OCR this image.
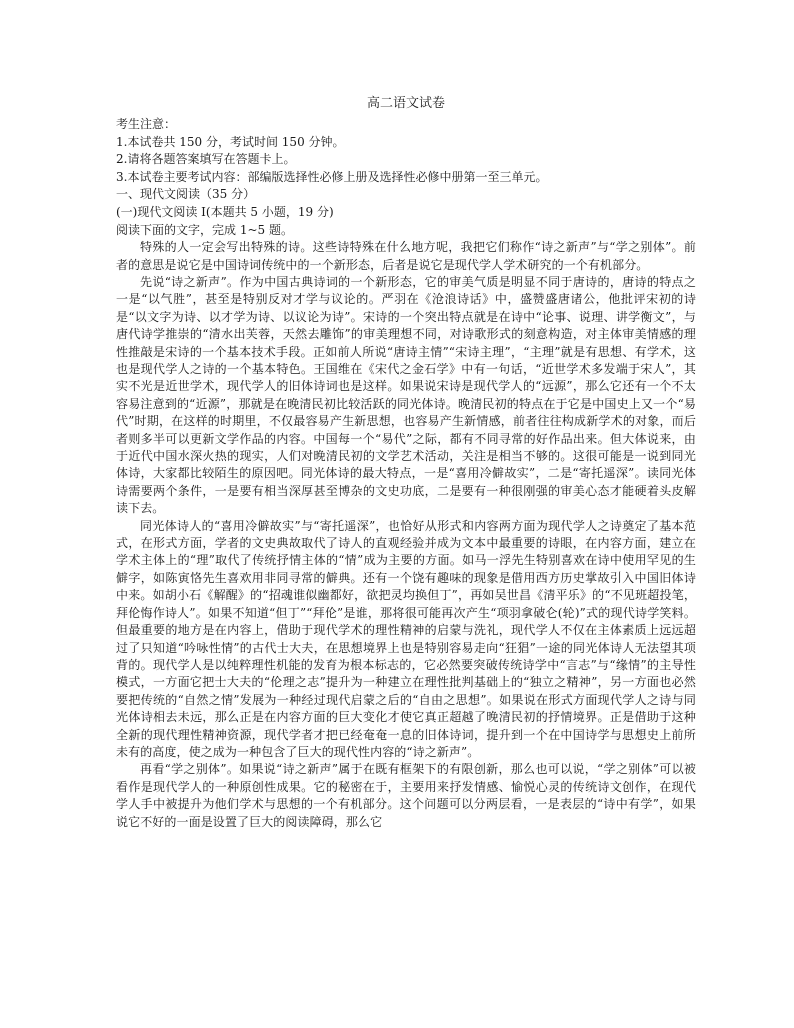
高二语文试卷
考生注意：
1.本试卷共 150 分，考试时间 150 分钟。
2.请将各题答案填写在答题卡上。
3.本试卷主要考试内容：部编版选择性必修上册及选择性必修中册第一至三单元。
一、现代文阅读（35 分）
(一)现代文阅读 I(本题共 5 小题，19 分)
阅读下面的文字，完成 1~5 题。

特殊的人一定会写出特殊的诗。这些诗特殊在什么地方呢，我把它们称作“诗之新声”与“学之别体”。前者的意思是说它是中国诗词传统中的一个新形态，后者是说它是现代学人学术研究的一个有机部分。

先说“诗之新声”。作为中国古典诗词的一个新形态，它的审美气质是明显不同于唐诗的，唐诗的特点之一是“以气胜”，甚至是特别反对才学与议论的。严羽在《沧浪诗话》中，盛赞盛唐诸公，他批评宋初的诗是“以文字为诗、以才学为诗、以议论为诗”。宋诗的一个突出特点就是在诗中“论事、说理、讲学衡文”，与唐代诗学推崇的“清水出芙蓉，天然去雕饰”的审美理想不同，对诗歌形式的刻意构造，对主体审美情感的理性推敲是宋诗的一个基本技术手段。正如前人所说“唐诗主情”“宋诗主理”，“主理”就是有思想、有学术，这也是现代学人之诗的一个基本特色。王国维在《宋代之金石学》中有一句话，“近世学术多发端于宋人”，其实不光是近世学术，现代学人的旧体诗词也是这样。如果说宋诗是现代学人的“远源”，那么它还有一个不太容易注意到的“近源”，那就是在晚清民初比较活跃的同光体诗。晚清民初的特点在于它是中国史上又一个“易代”时期，在这样的时期里，不仅最容易产生新思想，也容易产生新情感，前者往往构成新学术的对象，而后者则多半可以更新文学作品的内容。中国每一个“易代”之际，都有不同寻常的好作品出来。但大体说来，由于近代中国水深火热的现实，人们对晚清民初的文学艺术活动，关注是相当不够的。这很可能是一说到同光体诗，大家都比较陌生的原因吧。同光体诗的最大特点，一是“喜用冷僻故实”，二是“寄托遥深”。读同光体诗需要两个条件，一是要有相当深厚甚至博杂的文史功底，二是要有一种很刚强的审美心态才能硬着头皮解读下去。

同光体诗人的“喜用冷僻故实”与“寄托遥深”，也恰好从形式和内容两方面为现代学人之诗奠定了基本范式，在形式方面，学者的文史典故取代了诗人的直观经验并成为文本中最重要的诗眼，在内容方面，建立在学术主体上的“理”取代了传统抒情主体的“情”成为主要的方面。如马一浮先生特别喜欢在诗中使用罕见的生僻字，如陈寅恪先生喜欢用非同寻常的僻典。还有一个饶有趣味的现象是借用西方历史掌故引入中国旧体诗中来。如胡小石《解醒》的“招魂谁似幽都好，欲把灵均换但丁”，再如吴世昌《清平乐》的“不见班超投笔，拜伦悔作诗人”。如果不知道“但丁”“拜伦”是谁，那将很可能再次产生“项羽拿破仑(轮)”式的现代诗学笑料。但最重要的地方是在内容上，借助于现代学术的理性精神的启蒙与洗礼，现代学人不仅在主体素质上远远超过了只知道“吟咏性情”的古代士大夫，在思想境界上也是特别容易走向“狂猖”一途的同光体诗人无法望其项背的。现代学人是以纯粹理性机能的发育为根本标志的，它必然要突破传统诗学中“言志”与“缘情”的主导性模式，一方面它把士大夫的“伦理之志”提升为一种建立在理性批判基础上的“独立之精神”，另一方面也必然要把传统的“自然之情”发展为一种经过现代启蒙之后的“自由之思想”。如果说在形式方面现代学人之诗与同光体诗相去未远，那么正是在内容方面的巨大变化才使它真正超越了晚清民初的抒情境界。正是借助于这种全新的现代理性精神资源，现代学者才把已经奄奄一息的旧体诗词，提升到一个在中国诗学与思想史上前所未有的高度，使之成为一种包含了巨大的现代性内容的“诗之新声”。

再看“学之别体”。如果说“诗之新声”属于在既有框架下的有限创新，那么也可以说，“学之别体”可以被看作是现代学人的一种原创性成果。它的秘密在于，主要用来抒发情感、愉悦心灵的传统诗文创作，在现代学人手中被提升为他们学术与思想的一个有机部分。这个问题可以分两层看，一是表层的“诗中有学”，如果说它不好的一面是设置了巨大的阅读障碍，那么它
